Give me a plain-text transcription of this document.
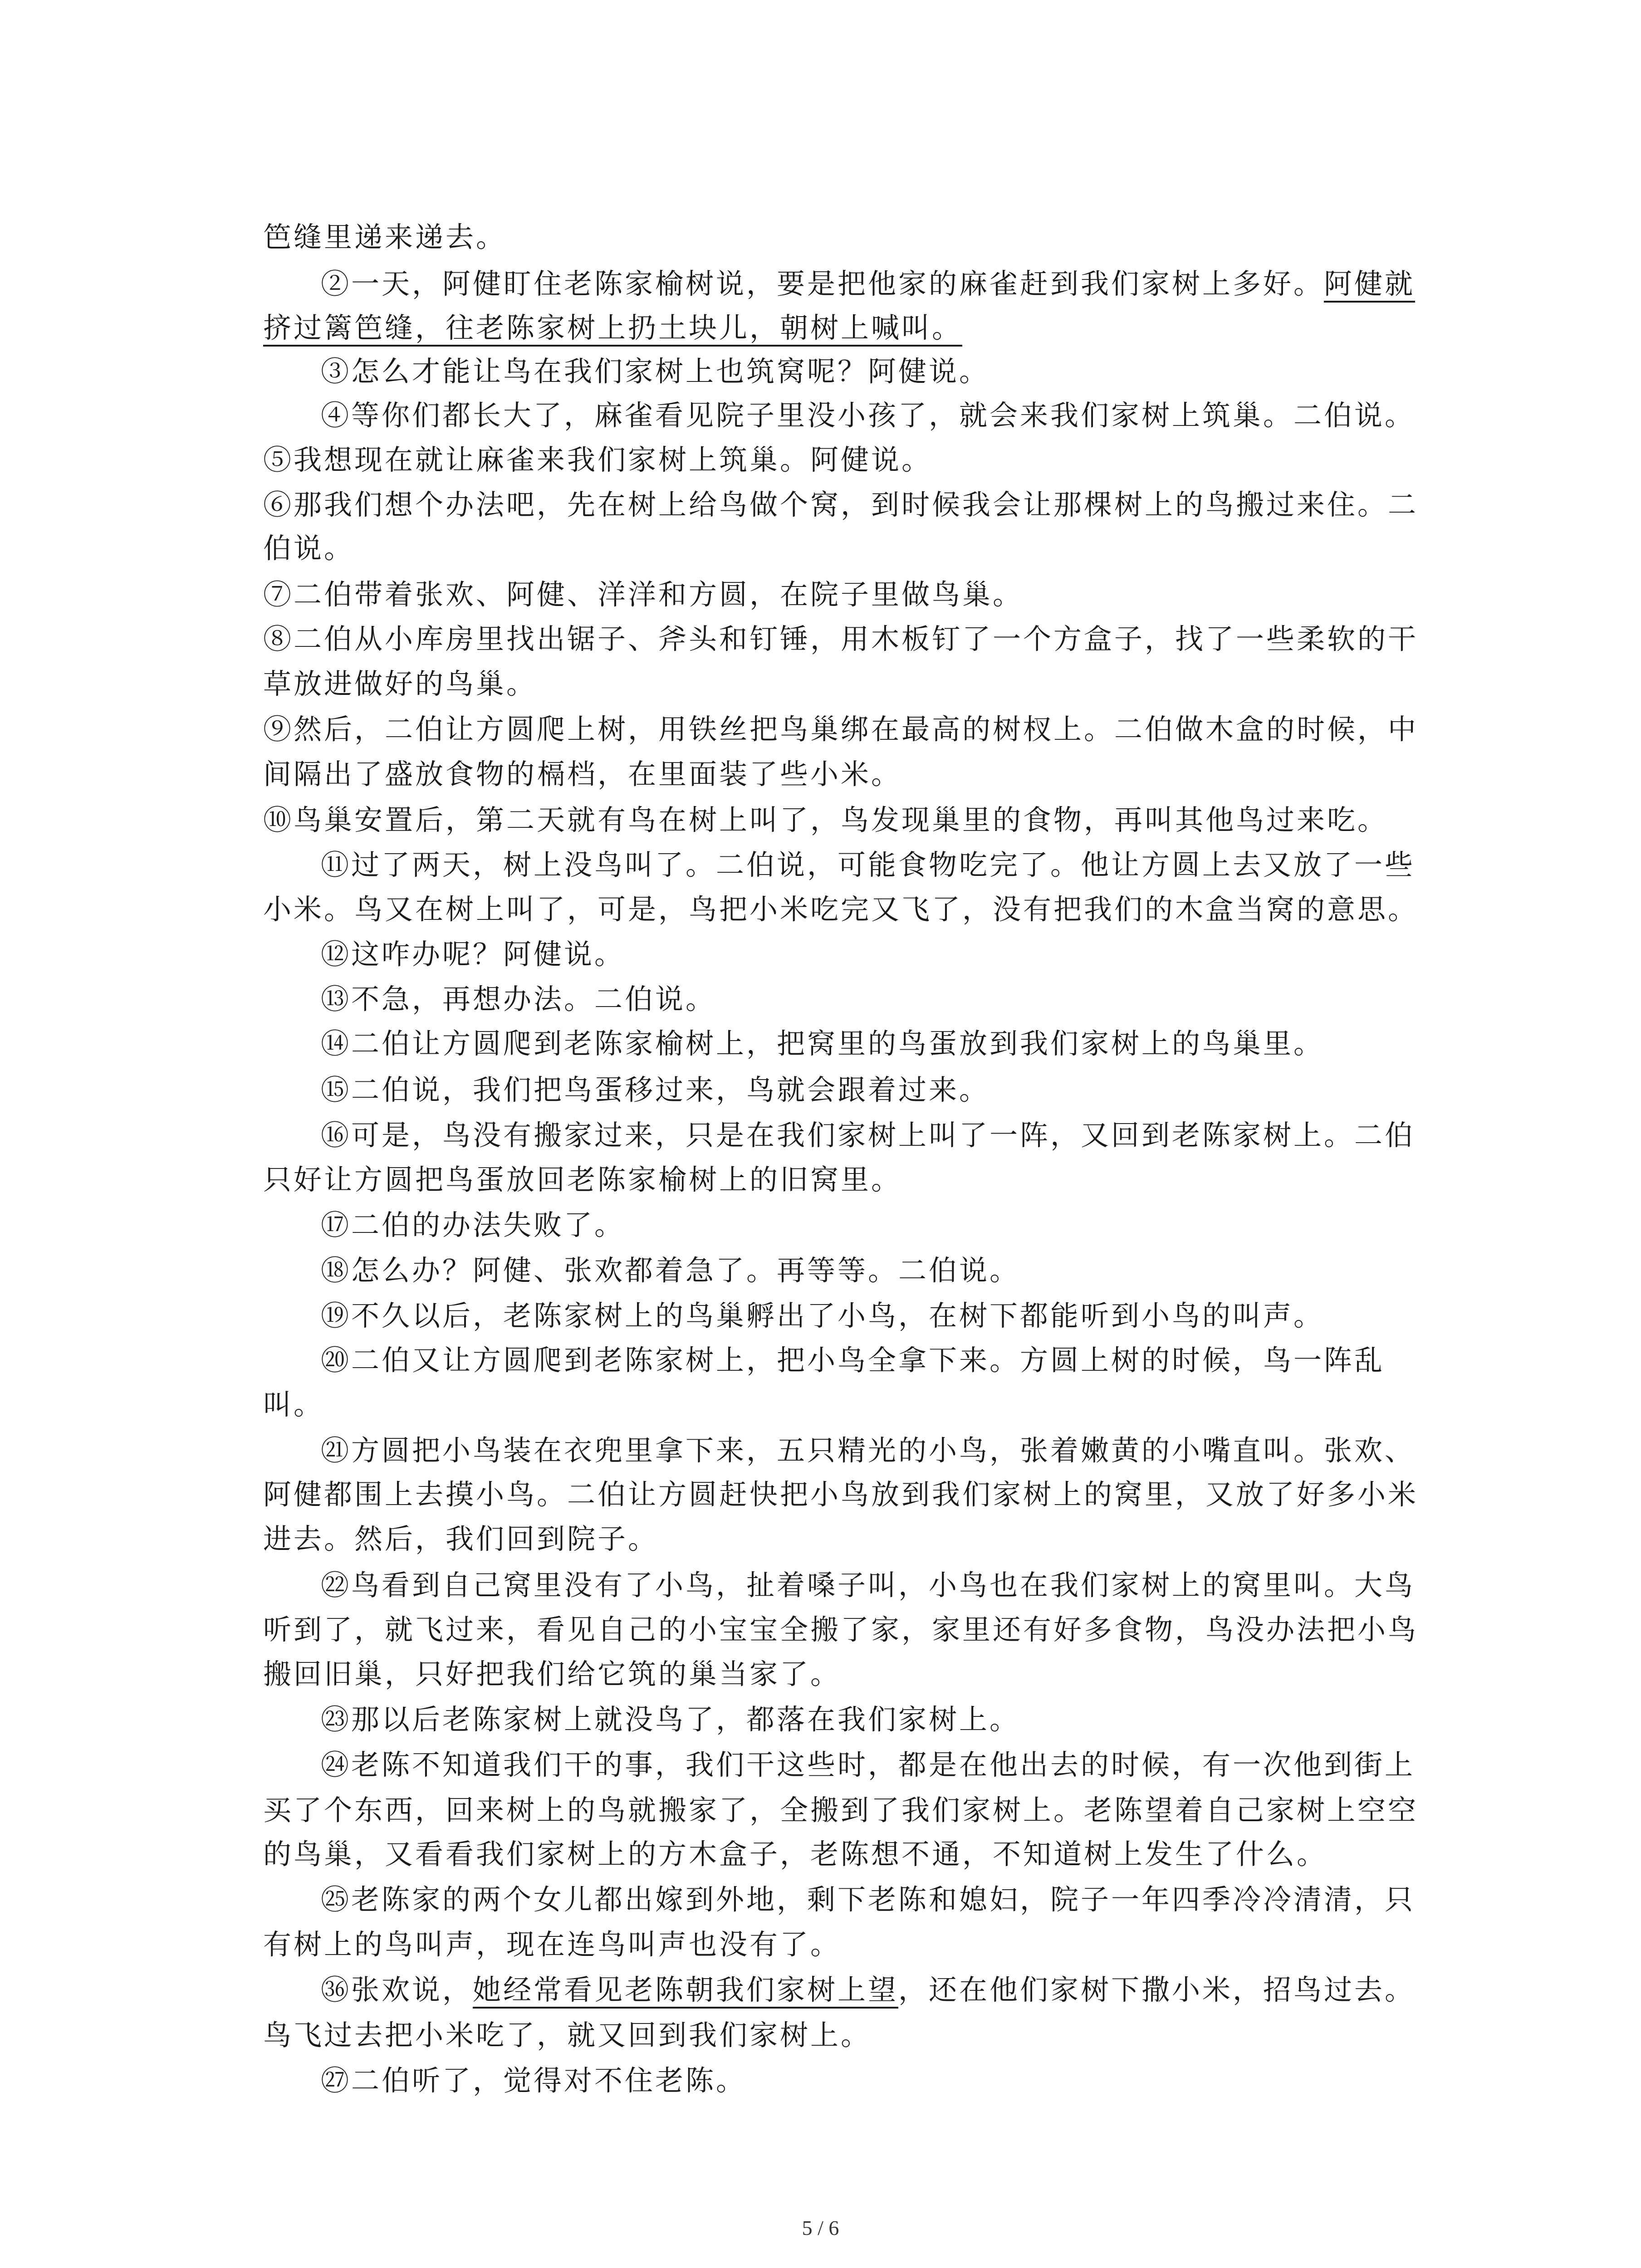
笆缝里递来递去。
②一天，阿健盯住老陈家榆树说，要是把他家的麻雀赶到我们家树上多好。阿健就
挤过篱笆缝，往老陈家树上扔土块儿，朝树上喊叫。
③怎么才能让鸟在我们家树上也筑窝呢？阿健说。
④等你们都长大了，麻雀看见院子里没小孩了，就会来我们家树上筑巢。二伯说。
⑤我想现在就让麻雀来我们家树上筑巢。阿健说。
⑥那我们想个办法吧，先在树上给鸟做个窝，到时候我会让那棵树上的鸟搬过来住。二
伯说。
⑦二伯带着张欢、阿健、洋洋和方圆，在院子里做鸟巢。
⑧二伯从小库房里找出锯子、斧头和钉锤，用木板钉了一个方盒子，找了一些柔软的干
草放进做好的鸟巢。
⑨然后，二伯让方圆爬上树，用铁丝把鸟巢绑在最高的树杈上。二伯做木盒的时候，中
间隔出了盛放食物的槅档，在里面装了些小米。
⑩鸟巢安置后，第二天就有鸟在树上叫了，鸟发现巢里的食物，再叫其他鸟过来吃。
⑪过了两天，树上没鸟叫了。二伯说，可能食物吃完了。他让方圆上去又放了一些
小米。鸟又在树上叫了，可是，鸟把小米吃完又飞了，没有把我们的木盒当窝的意思。
⑫这咋办呢？阿健说。
⑬不急，再想办法。二伯说。
⑭二伯让方圆爬到老陈家榆树上，把窝里的鸟蛋放到我们家树上的鸟巢里。
⑮二伯说，我们把鸟蛋移过来，鸟就会跟着过来。
⑯可是，鸟没有搬家过来，只是在我们家树上叫了一阵，又回到老陈家树上。二伯
只好让方圆把鸟蛋放回老陈家榆树上的旧窝里。
⑰二伯的办法失败了。
⑱怎么办？阿健、张欢都着急了。再等等。二伯说。
⑲不久以后，老陈家树上的鸟巢孵出了小鸟，在树下都能听到小鸟的叫声。
⑳二伯又让方圆爬到老陈家树上，把小鸟全拿下来。方圆上树的时候，鸟一阵乱
叫。
㉑方圆把小鸟装在衣兜里拿下来，五只精光的小鸟，张着嫩黄的小嘴直叫。张欢、
阿健都围上去摸小鸟。二伯让方圆赶快把小鸟放到我们家树上的窝里，又放了好多小米
进去。然后，我们回到院子。
㉒鸟看到自己窝里没有了小鸟，扯着嗓子叫，小鸟也在我们家树上的窝里叫。大鸟
听到了，就飞过来，看见自己的小宝宝全搬了家，家里还有好多食物，鸟没办法把小鸟
搬回旧巢，只好把我们给它筑的巢当家了。
㉓那以后老陈家树上就没鸟了，都落在我们家树上。
㉔老陈不知道我们干的事，我们干这些时，都是在他出去的时候，有一次他到街上
买了个东西，回来树上的鸟就搬家了，全搬到了我们家树上。老陈望着自己家树上空空
的鸟巢，又看看我们家树上的方木盒子，老陈想不通，不知道树上发生了什么。
㉕老陈家的两个女儿都出嫁到外地，剩下老陈和媳妇，院子一年四季冷冷清清，只
有树上的鸟叫声，现在连鸟叫声也没有了。
㊱张欢说，她经常看见老陈朝我们家树上望，还在他们家树下撒小米，招鸟过去。
鸟飞过去把小米吃了，就又回到我们家树上。
㉗二伯听了，觉得对不住老陈。
5 / 6
